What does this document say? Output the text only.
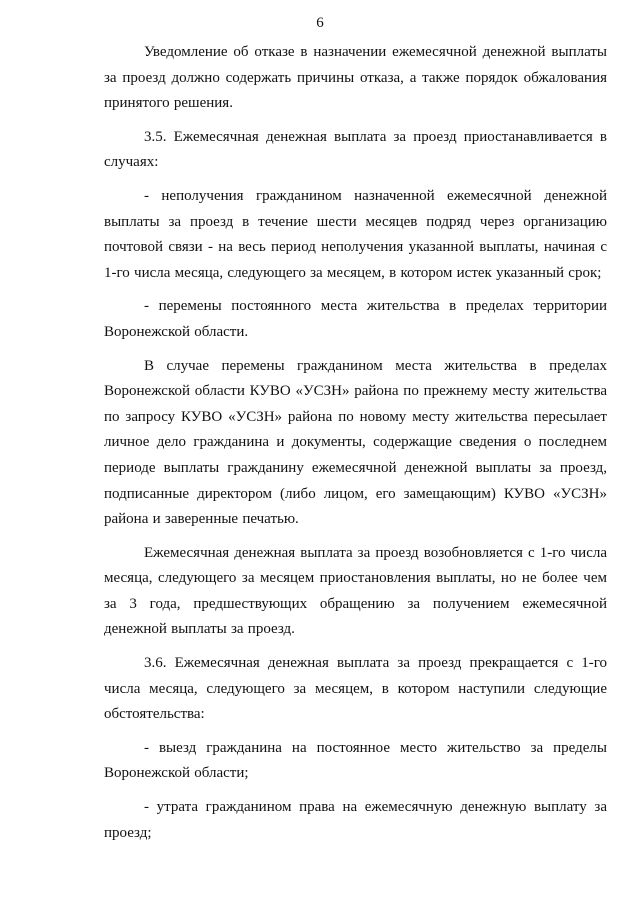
6

Уведомление об отказе в назначении ежемесячной денежной выплаты за проезд должно содержать причины отказа, а также порядок обжалования принятого решения.

3.5. Ежемесячная денежная выплата за проезд приостанавливается в случаях:

- неполучения гражданином назначенной ежемесячной денежной выплаты за проезд в течение шести месяцев подряд через организацию почтовой связи - на весь период неполучения указанной выплаты, начиная с 1-го числа месяца, следующего за месяцем, в котором истек указанный срок;

- перемены постоянного места жительства в пределах территории Воронежской области.

В случае перемены гражданином места жительства в пределах Воронежской области КУВО «УСЗН» района по прежнему месту жительства по запросу КУВО «УСЗН» района по новому месту жительства пересылает личное дело гражданина и документы, содержащие сведения о последнем периоде выплаты гражданину ежемесячной денежной выплаты за проезд, подписанные директором (либо лицом, его замещающим) КУВО «УСЗН» района и заверенные печатью.

Ежемесячная денежная выплата за проезд возобновляется с 1-го числа месяца, следующего за месяцем приостановления выплаты, но не более чем за 3 года, предшествующих обращению за получением ежемесячной денежной выплаты за проезд.

3.6. Ежемесячная денежная выплата за проезд прекращается с 1-го числа месяца, следующего за месяцем, в котором наступили следующие обстоятельства:

- выезд гражданина на постоянное место жительство за пределы Воронежской области;

- утрата гражданином права на ежемесячную денежную выплату за проезд;
